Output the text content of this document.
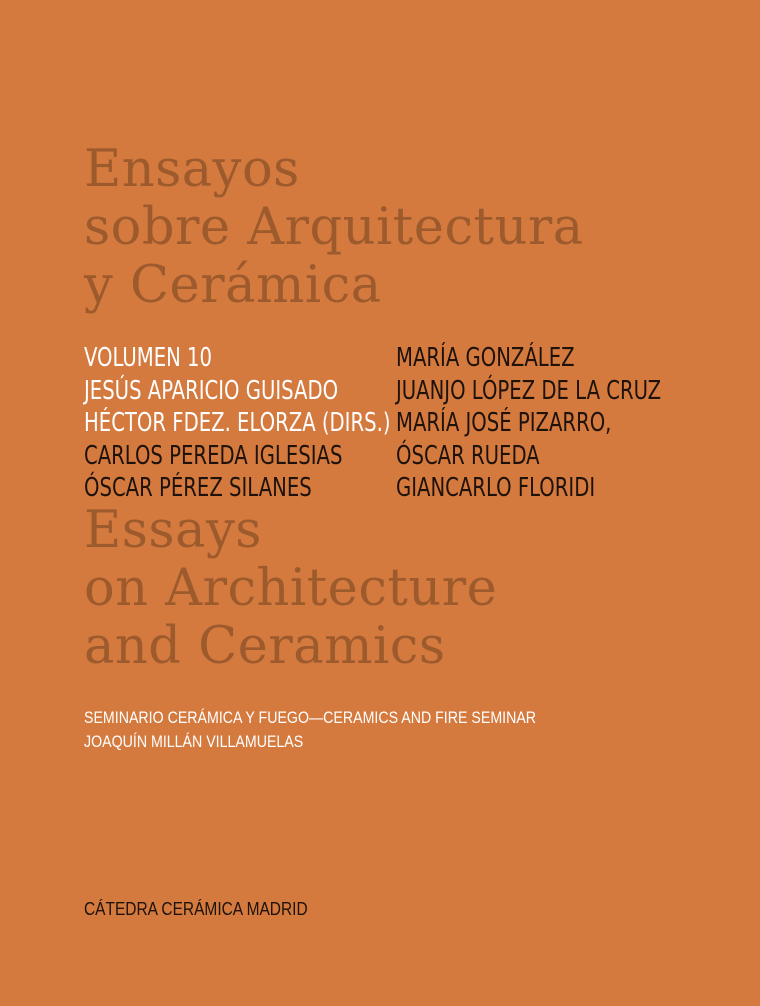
Ensayos
sobre Arquitectura
y Cerámica
VOLUMEN 10
JESÚS APARICIO GUISADO
HÉCTOR FDEZ. ELORZA (DIRS.)
CARLOS PEREDA IGLESIAS
ÓSCAR PÉREZ SILANES
MARÍA GONZÁLEZ
JUANJO LÓPEZ DE LA CRUZ
MARÍA JOSÉ PIZARRO,
ÓSCAR RUEDA
GIANCARLO FLORIDI
Essays
on Architecture
and Ceramics

SEMINARIO CERÁMICA Y FUEGO—CERAMICS AND FIRE SEMINAR
JOAQUÍN MILLÁN VILLAMUELAS

CÁTEDRA CERÁMICA MADRID
